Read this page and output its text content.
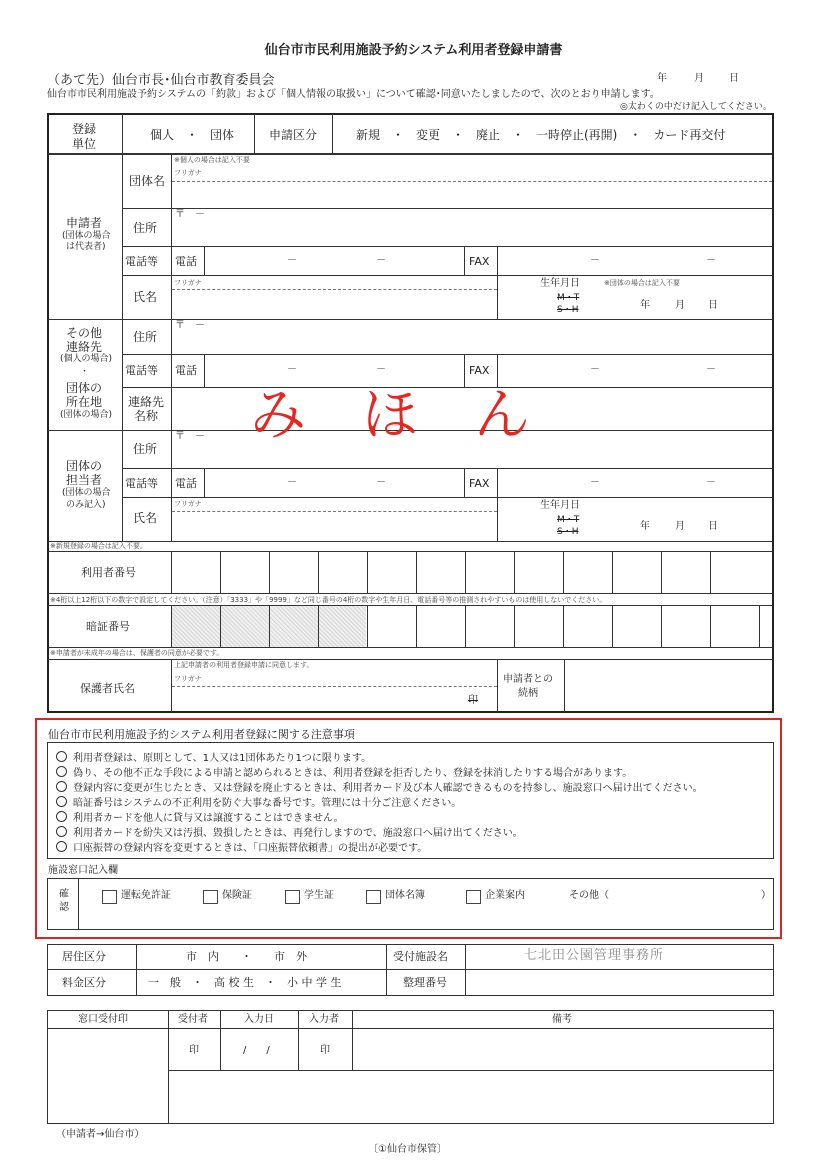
仙台市市民利用施設予約システム利用者登録申請書
（あて先）仙台市長･仙台市教育委員会	年	月	日
仙台市市民利用施設予約システムの「約款」および「個人情報の取扱い」について確認･同意いたしましたので、次のとおり申請します。
◎太わくの中だけ記入してください。
登録
単位
個人　・　団体	申請区分	新規　・　変更　・　廃止　・　一時停止(再開)　・　カード再交付
申請者
(団体の場合
は代表者)
団体名
※個人の場合は記入不要
フリガナ
住所
〒　－
電話等 電話	－	－	FAX	－	－
氏名
フリガナ	生年月日	※団体の場合は記入不要
M・T
S・H	年	月 日
その他
連絡先
(個人の場合)
・
団体の
所在地
(団体の場合)
住所
〒　－
電話等 電話	－	－	FAX	－	－
連絡先
名称 み　ほ　ん
団体の
担当者
(団体の場合
のみ記入)
住所
〒　－
電話等 電話	－	－	FAX	－	－
氏名
フリガナ	生年月日
M・T
S・H	年	月 日
※新規登録の場合は記入不要。
利用者番号
※4桁以上12桁以下の数字で設定してください。（注意）「3333」や「9999」など同じ番号の4桁の数字や生年月日、電話番号等の推測されやすいものは使用しないでください。
暗証番号
※申請者が未成年の場合は、保護者の同意が必要です。
保護者氏名
上記申請者の利用者登録申請に同意します。
フリガナ
印
申請者との
続柄
仙台市市民利用施設予約システム利用者登録に関する注意事項
利用者登録は、原則として、1人又は1団体あたり1つに限ります。
偽り、その他不正な手段による申請と認められるときは、利用者登録を拒否したり、登録を抹消したりする場合があります。
登録内容に変更が生じたとき、又は登録を廃止するときは、利用者カード及び本人確認できるものを持参し、施設窓口へ届け出てください。
暗証番号はシステムの不正利用を防ぐ大事な番号です。管理には十分ご注意ください。
利用者カードを他人に貸与又は譲渡することはできません。
利用者カードを紛失又は汚損、毀損したときは、再発行しますので、施設窓口へ届け出てください。
口座振替の登録内容を変更するときは、「口座振替依頼書」の提出が必要です。
施設窓口記入欄
確
認
運転免許証	保険証	学生証	団体名簿	企業案内	その他（	）
居住区分	市　内　　・　　市　外	受付施設名	七北田公園管理事務所
料金区分	一　般　・　高 校 生　・　小 中 学 生	整理番号
窓口受付印	受付者	入力日	入力者	備考
印	/　　/	印
（申請者→仙台市）
〔①仙台市保管〕
